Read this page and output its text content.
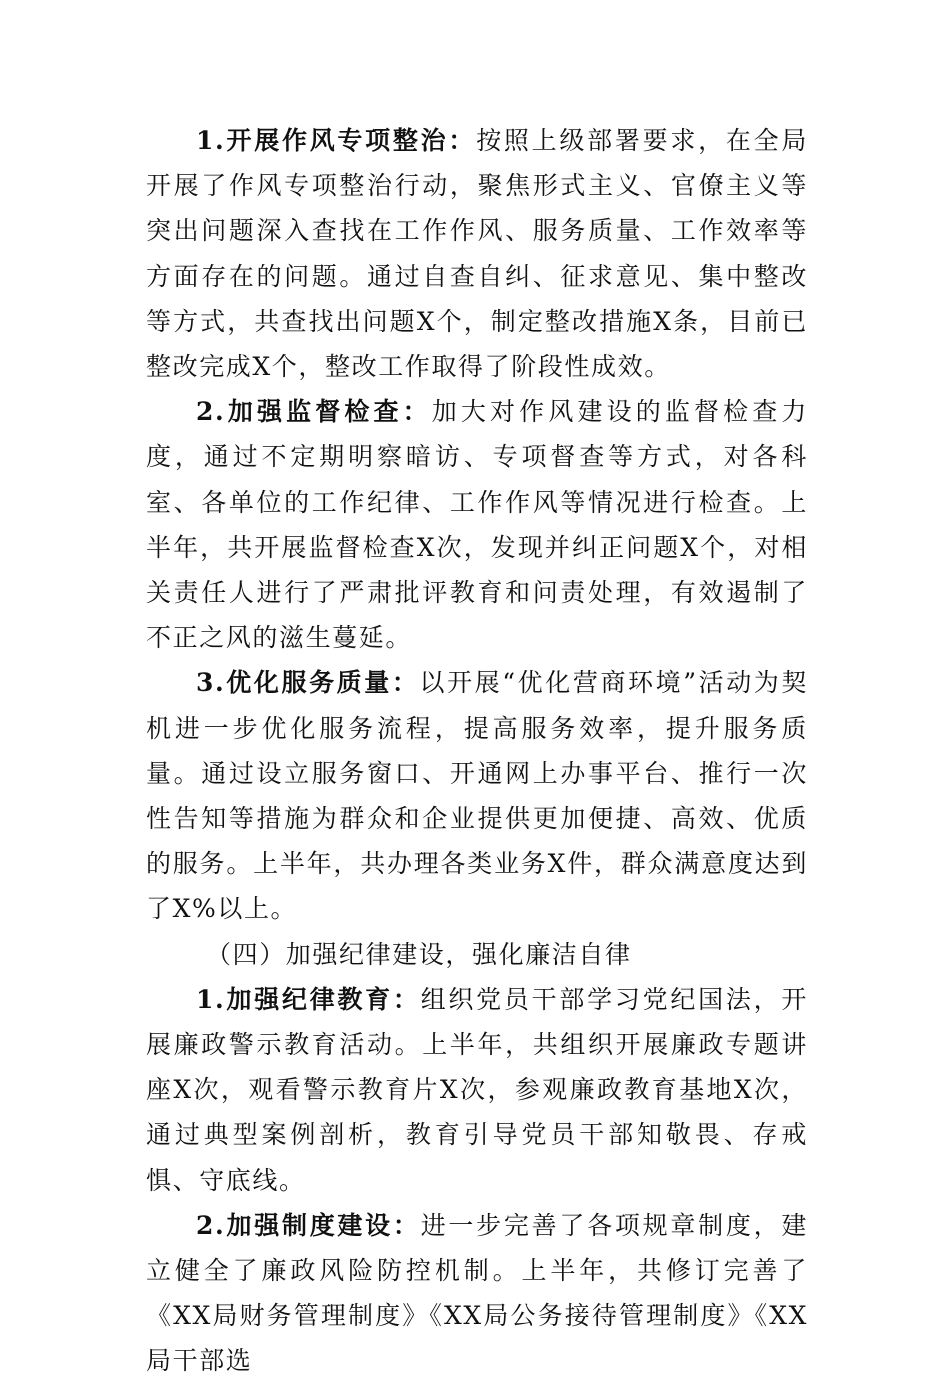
1.开展作风专项整治：按照上级部署要求，在全局开展了作风专项整治行动，聚焦形式主义、官僚主义等突出问题深入查找在工作作风、服务质量、工作效率等方面存在的问题。通过自查自纠、征求意见、集中整改等方式，共查找出问题X个，制定整改措施X条，目前已整改完成X个，整改工作取得了阶段性成效。

2.加强监督检查：加大对作风建设的监督检查力度，通过不定期明察暗访、专项督查等方式，对各科室、各单位的工作纪律、工作作风等情况进行检查。上半年，共开展监督检查X次，发现并纠正问题X个，对相关责任人进行了严肃批评教育和问责处理，有效遏制了不正之风的滋生蔓延。

3.优化服务质量：以开展“优化营商环境”活动为契机进一步优化服务流程，提高服务效率，提升服务质量。通过设立服务窗口、开通网上办事平台、推行一次性告知等措施为群众和企业提供更加便捷、高效、优质的服务。上半年，共办理各类业务X件，群众满意度达到了X%以上。

（四）加强纪律建设，强化廉洁自律

1.加强纪律教育：组织党员干部学习党纪国法，开展廉政警示教育活动。上半年，共组织开展廉政专题讲座X次，观看警示教育片X次，参观廉政教育基地X次，通过典型案例剖析，教育引导党员干部知敬畏、存戒惧、守底线。

2.加强制度建设：进一步完善了各项规章制度，建立健全了廉政风险防控机制。上半年，共修订完善了《XX局财务管理制度》《XX局公务接待管理制度》《XX局干部选
